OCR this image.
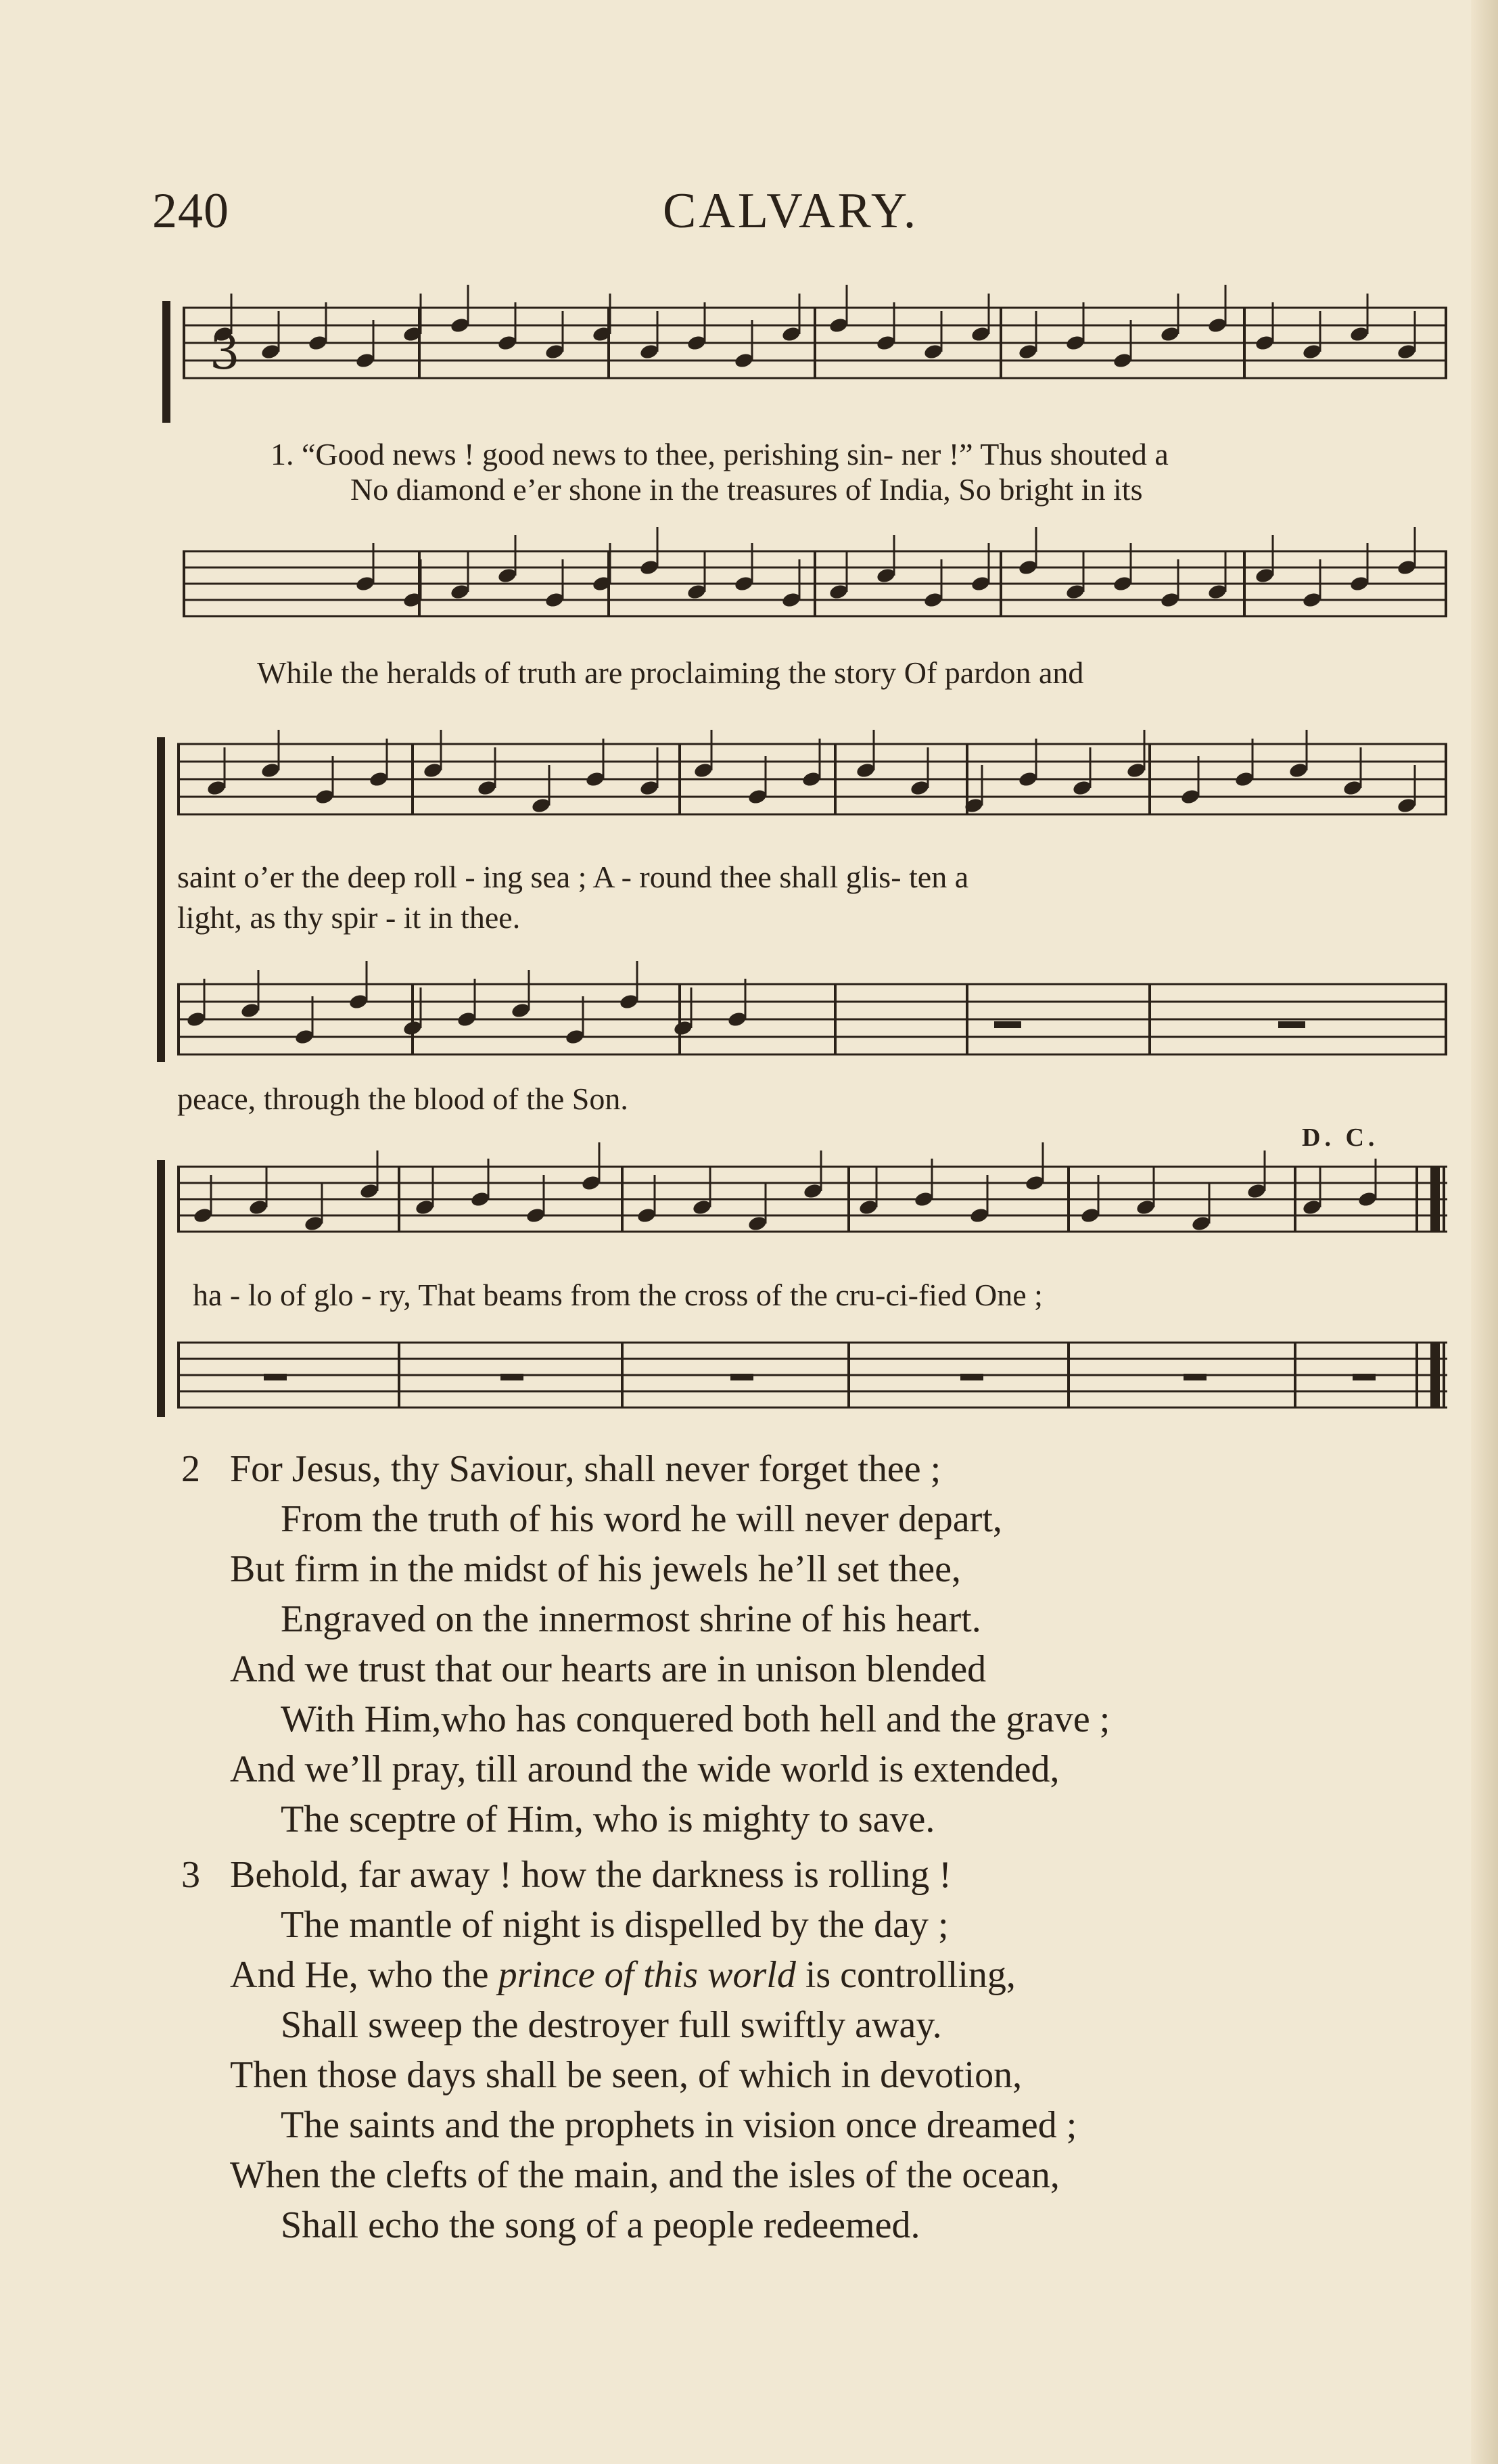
240	CALVARY.
3
1. “Good news ! good news to thee, perishing sin- ner !” Thus shouted a
No diamond e’er shone in the treasures of India, So bright in its
While the heralds of truth are proclaiming the story Of pardon and
saint o’er the deep roll - ing sea ; A - round thee shall glis- ten a
light, as thy spir - it in thee.
peace, through the blood of the Son.
D. C.
ha - lo of glo - ry, That beams from the cross of the cru-ci-fied One ;
2 For Jesus, thy Saviour, shall never forget thee ;
From the truth of his word he will never depart,
But firm in the midst of his jewels he’ll set thee,
Engraved on the innermost shrine of his heart.
And we trust that our hearts are in unison blended
With Him,who has conquered both hell and the grave ;
And we’ll pray, till around the wide world is extended,
The sceptre of Him, who is mighty to save.
3 Behold, far away ! how the darkness is rolling !
The mantle of night is dispelled by the day ;
And He, who the prince of this world is controlling,
Shall sweep the destroyer full swiftly away.
Then those days shall be seen, of which in devotion,
The saints and the prophets in vision once dreamed ;
When the clefts of the main, and the isles of the ocean,
Shall echo the song of a people redeemed.
